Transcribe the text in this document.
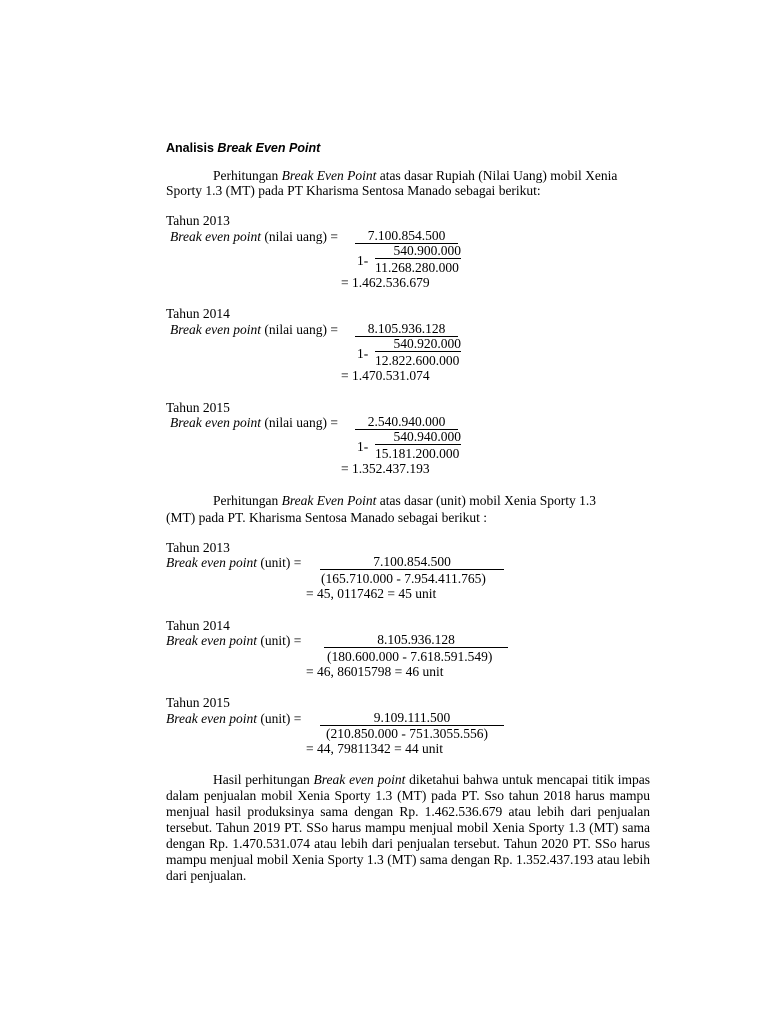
Analisis Break Even Point
Perhitungan Break Even Point atas dasar Rupiah (Nilai Uang) mobil Xenia
Sporty 1.3 (MT) pada PT Kharisma Sentosa Manado sebagai berikut:
Tahun 2013
Break even point (nilai uang) =	7.100.854.500
1-
540.900.000
11.268.280.000
= 1.462.536.679
Tahun 2014
Break even point (nilai uang) =	8.105.936.128
1-
540.920.000
12.822.600.000
= 1.470.531.074
Tahun 2015
Break even point (nilai uang) =	2.540.940.000
1-
540.940.000
15.181.200.000
= 1.352.437.193
Perhitungan Break Even Point atas dasar (unit) mobil Xenia Sporty 1.3
(MT) pada PT. Kharisma Sentosa Manado sebagai berikut :
Tahun 2013
Break even point (unit) =	7.100.854.500
(165.710.000 - 7.954.411.765)
= 45, 0117462 = 45 unit
Tahun 2014
Break even point (unit) =	8.105.936.128
(180.600.000 - 7.618.591.549)
= 46, 86015798 = 46 unit
Tahun 2015
Break even point (unit) =	9.109.111.500
(210.850.000 - 751.3055.556)
= 44, 79811342 = 44 unit
Hasil perhitungan Break even point diketahui bahwa untuk mencapai titik impas dalam penjualan mobil Xenia Sporty 1.3 (MT) pada PT. Sso tahun 2018 harus mampu menjual hasil produksinya sama dengan Rp. 1.462.536.679 atau lebih dari penjualan tersebut. Tahun 2019 PT. SSo harus mampu menjual mobil Xenia Sporty 1.3 (MT) sama dengan Rp. 1.470.531.074 atau lebih dari penjualan tersebut. Tahun 2020 PT. SSo harus mampu menjual mobil Xenia Sporty 1.3 (MT) sama dengan Rp. 1.352.437.193 atau lebih dari penjualan.
